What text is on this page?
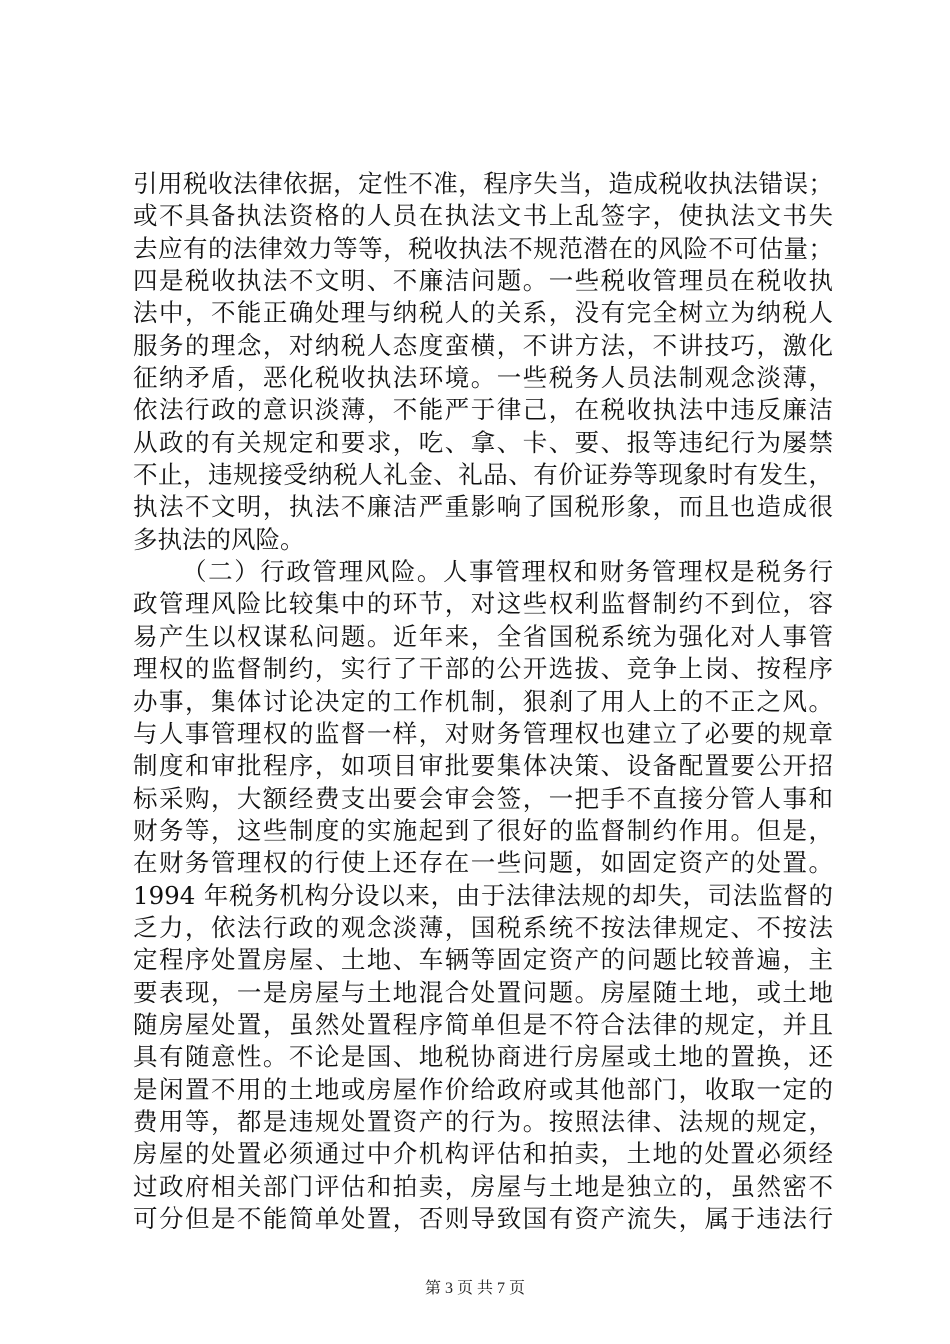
引用税收法律依据，定性不准，程序失当，造成税收执法错误；
或不具备执法资格的人员在执法文书上乱签字，使执法文书失
去应有的法律效力等等，税收执法不规范潜在的风险不可估量；
四是税收执法不文明、不廉洁问题。一些税收管理员在税收执
法中，不能正确处理与纳税人的关系，没有完全树立为纳税人
服务的理念，对纳税人态度蛮横，不讲方法，不讲技巧，激化
征纳矛盾，恶化税收执法环境。一些税务人员法制观念淡薄，
依法行政的意识淡薄，不能严于律己，在税收执法中违反廉洁
从政的有关规定和要求，吃、拿、卡、要、报等违纪行为屡禁
不止，违规接受纳税人礼金、礼品、有价证券等现象时有发生，
执法不文明，执法不廉洁严重影响了国税形象，而且也造成很
多执法的风险。
（二）行政管理风险。人事管理权和财务管理权是税务行
政管理风险比较集中的环节，对这些权利监督制约不到位，容
易产生以权谋私问题。近年来，全省国税系统为强化对人事管
理权的监督制约，实行了干部的公开选拔、竞争上岗、按程序
办事，集体讨论决定的工作机制，狠刹了用人上的不正之风。
与人事管理权的监督一样，对财务管理权也建立了必要的规章
制度和审批程序，如项目审批要集体决策、设备配置要公开招
标采购，大额经费支出要会审会签，一把手不直接分管人事和
财务等，这些制度的实施起到了很好的监督制约作用。但是，
在财务管理权的行使上还存在一些问题，如固定资产的处置。
1994 年税务机构分设以来，由于法律法规的却失，司法监督的
乏力，依法行政的观念淡薄，国税系统不按法律规定、不按法
定程序处置房屋、土地、车辆等固定资产的问题比较普遍，主
要表现，一是房屋与土地混合处置问题。房屋随土地，或土地
随房屋处置，虽然处置程序简单但是不符合法律的规定，并且
具有随意性。不论是国、地税协商进行房屋或土地的置换，还
是闲置不用的土地或房屋作价给政府或其他部门，收取一定的
费用等，都是违规处置资产的行为。按照法律、法规的规定，
房屋的处置必须通过中介机构评估和拍卖，土地的处置必须经
过政府相关部门评估和拍卖，房屋与土地是独立的，虽然密不
可分但是不能简单处置，否则导致国有资产流失，属于违法行
第 3 页 共 7 页
